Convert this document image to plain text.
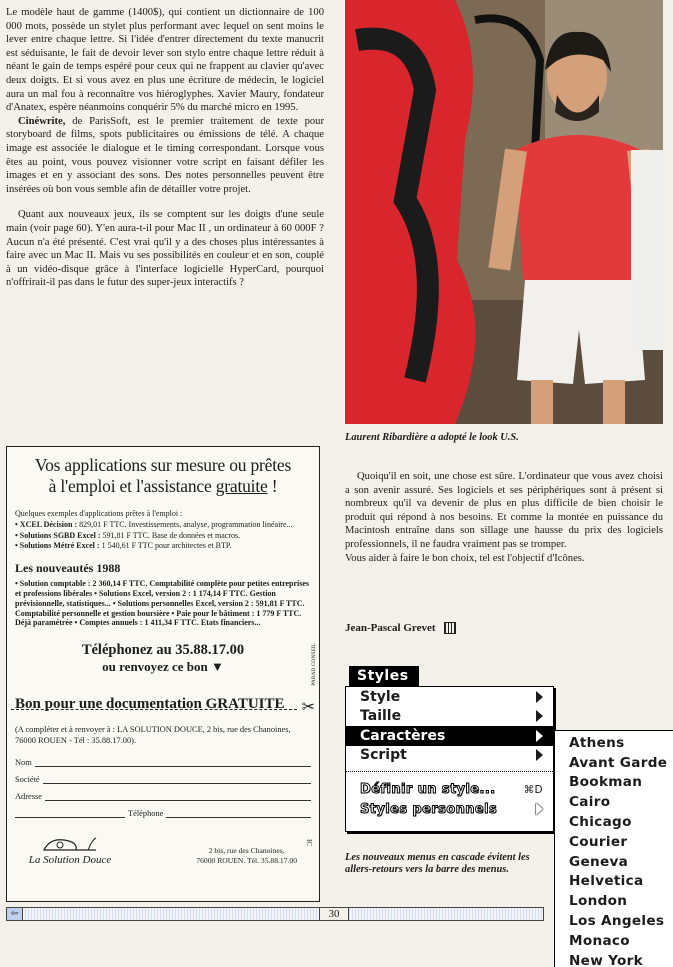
Le modèle haut de gamme (1400$), qui contient un dictionnaire de 100 000 mots, possède un stylet plus performant avec lequel on sent moins le lever entre chaque lettre. Si l'idée d'entrer directement du texte manucrit est séduisante, le fait de devoir lever son stylo entre chaque lettre réduit à néant le gain de temps espéré pour ceux qui ne frappent au clavier qu'avec deux doigts. Et si vous avez en plus une écriture de médecin, le logiciel aura un mal fou à reconnaître vos hiéroglyphes. Xavier Maury, fondateur d'Anatex, espère néanmoins conquérir 5% du marché micro en 1995.

Cinéwrite, de ParisSoft, est le premier traitement de texte pour storyboard de films, spots publicitaires ou émissions de télé. A chaque image est associée le dialogue et le timing correspondant. Lorsque vous êtes au point, vous pouvez visionner votre script en faisant défiler les images et en y associant des sons. Des notes personnelles peuvent être insérées où bon vous semble afin de détailler votre projet.

Quant aux nouveaux jeux, ils se comptent sur les doigts d'une seule main (voir page 60). Y'en aura-t-il pour Mac II , un ordinateur à 60 000F ? Aucun n'a été présenté. C'est vrai qu'il y a des choses plus intéressantes à faire avec un Mac II. Mais vu ses possibilités en couleur et en son, couplé à un vidéo-disque grâce à l'interface logicielle HyperCard, pourquoi n'offrirait-il pas dans le futur des super-jeux interactifs ?

Laurent Ribardière a adopté le look U.S.

Quoiqu'il en soit, une chose est sûre. L'ordinateur que vous avez choisi a son avenir assuré. Ses logiciels et ses périphériques sont à présent si nombreux qu'il va devenir de plus en plus difficile de bien choisir le produit qui répond à nos besoins. Et comme la montée en puissance du Macintosh entraîne dans son sillage une hausse du prix des logiciels professionnels, il ne faudra vraiment pas se tromper.

Vous aider à faire le bon choix, tel est l'objectif d'Icônes.

Jean-Pascal Grevet
Vos applications sur mesure ou prêtes
à l'emploi et l'assistance gratuite !

Quelques exemples d'applications prêtes à l'emploi :

• XCEL Décision : 829,01 F TTC. Investissements, analyse, programmation linéaire...

• Solutions SGBD Excel : 591,81 F TTC. Base de données et macros.

• Solutions Métré Excel : 1 540,61 F TTC pour architectes et BTP.

Les nouveautés 1988
• Solution comptable : 2 360,14 F TTC. Comptabilité complète pour petites entreprises et professions libérales • Solutions Excel, version 2 : 1 174,14 F TTC. Gestion prévisionnelle, statistiques... • Solutions personnelles Excel, version 2 : 591,81 F TTC. Comptabilité personnelle et gestion boursière • Paie pour le bâtiment : 1 779 F TTC. Déjà paramétrée • Comptes annuels : 1 411,34 F TTC. Etats financiers...
Téléphonez au 35.88.17.00
ou renvoyez ce bon ▼	PARAD CONSEIL
✂
Bon pour une documentation GRATUITE
(A compléter et à renvoyer à : LA SOLUTION DOUCE, 2 bis, rue des Chanoines, 76000 ROUEN - Tél : 35.88.17.00).
Nom
Société
Adresse
Téléphone
La Solution Douce
2 bis, rue des Chanoines,
76000 ROUEN. Tél. 35.88.17.00
IC
⇦	30
Styles
Style
Taille
Caractères
Script
Définir un style...	⌘D
Styles personnels
Athens
Avant Garde
Bookman
Cairo
Chicago
Courier
Geneva
Helvetica
London
Los Angeles
Monaco
New York
Les nouveaux menus en cascade évitent les allers-retours vers la barre des menus.
